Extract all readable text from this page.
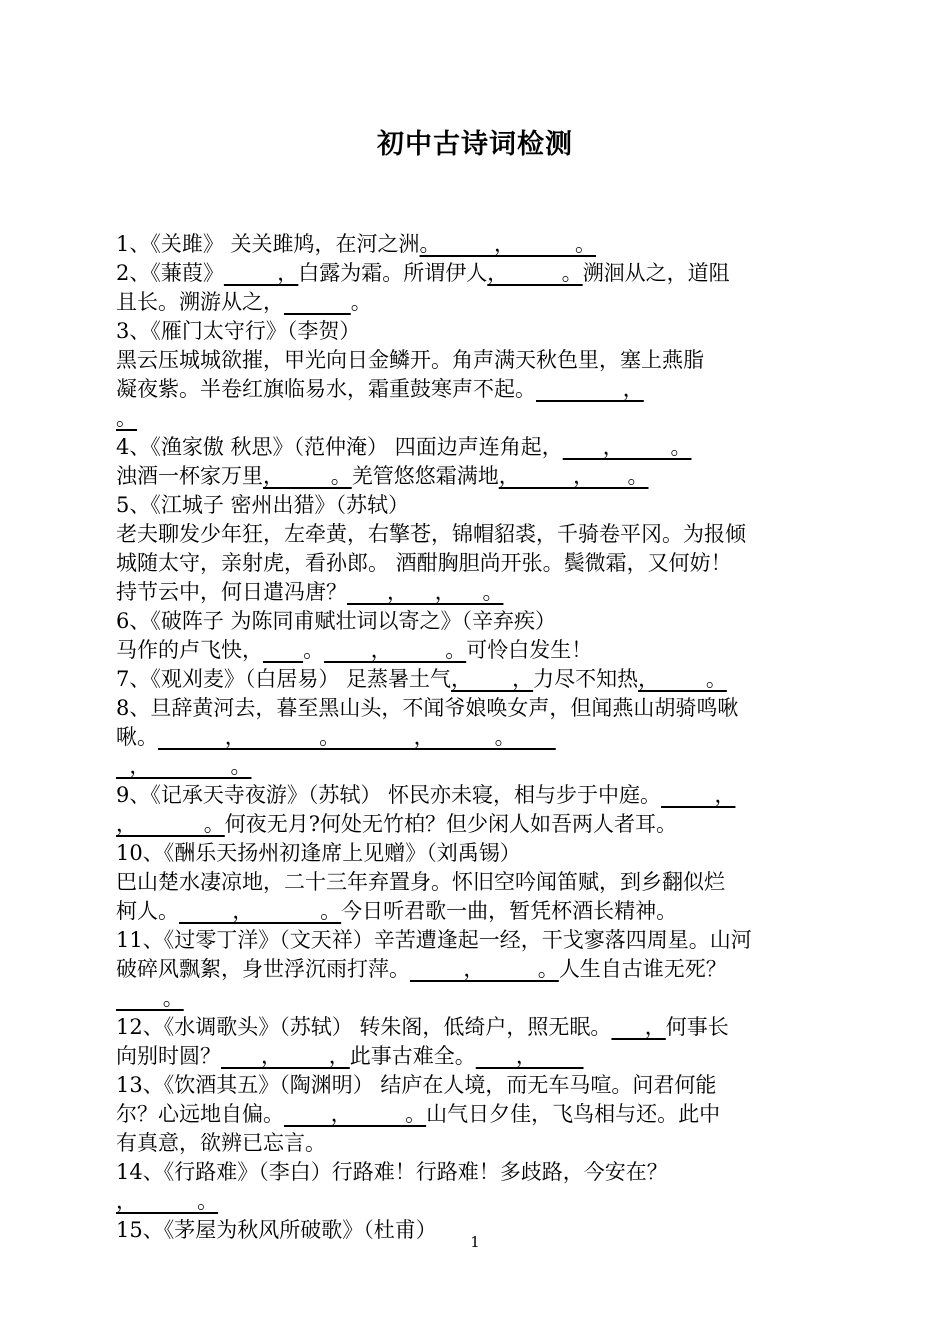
初中古诗词检测
1、《关雎》 关关雎鸠，在河之洲。        ，         。
2、《蒹葭》        ，白露为霜。所谓伊人，        。溯洄从之，道阻
且长。溯游从之，	。
3、《雁门太守行》（李贺）
黑云压城城欲摧，甲光向日金鳞开。角声满天秋色里，塞上燕脂
凝夜紫。半卷红旗临易水，霜重鼓寒声不起。             ，
。
4、《渔家傲 秋思》（范仲淹） 四面边声连角起，      ，       。
浊酒一杯家万里，       。羌管悠悠霜满地，        ，     。
5、《江城子 密州出猎》（苏轼）
老夫聊发少年狂，左牵黄，右擎苍，锦帽貂裘，千骑卷平冈。为报倾
城随太守，亲射虎，看孙郎。 酒酣胸胆尚开张。鬓微霜，又何妨！
持节云中，何日遣冯唐？      ，    ，    。
6、《破阵子 为陈同甫赋壮词以寄之》（辛弃疾）
马作的卢飞快， 。       ，        。可怜白发生！
7、《观刈麦》（白居易） 足蒸暑土气，      ，力尽不知热，       。
8、旦辞黄河去，暮至黑山头，不闻爷娘唤女声，但闻燕山胡骑鸣啾
啾。          ，           。           ，         。
，            。
9、《记承天寺夜游》（苏轼） 怀民亦未寝，相与步于中庭。        ，
，          。何夜无月?何处无竹柏？但少闲人如吾两人者耳。
10、《酬乐天扬州初逢席上见赠》（刘禹锡）
巴山楚水凄凉地，二十三年弃置身。怀旧空吟闻笛赋，到乡翻似烂
柯人。        ，          。今日听君歌一曲，暂凭杯酒长精神。
11、《过零丁洋》（文天祥）辛苦遭逢起一经，干戈寥落四周星。山河
破碎风飘絮，身世浮沉雨打萍。        ，        。人生自古谁无死？
。
12、《水调歌头》（苏轼） 转朱阁，低绮户，照无眠。     ，何事长
向别时圆？      ，       ，此事古难全。      ，
13、《饮酒其五》（陶渊明） 结庐在人境，而无车马喧。问君何能
尔？心远地自偏。       ，        。山气日夕佳，飞鸟相与还。此中
有真意，欲辨已忘言。
14、《行路难》（李白）行路难！行路难！多歧路，今安在？
，         。
15、《茅屋为秋风所破歌》（杜甫）	1
